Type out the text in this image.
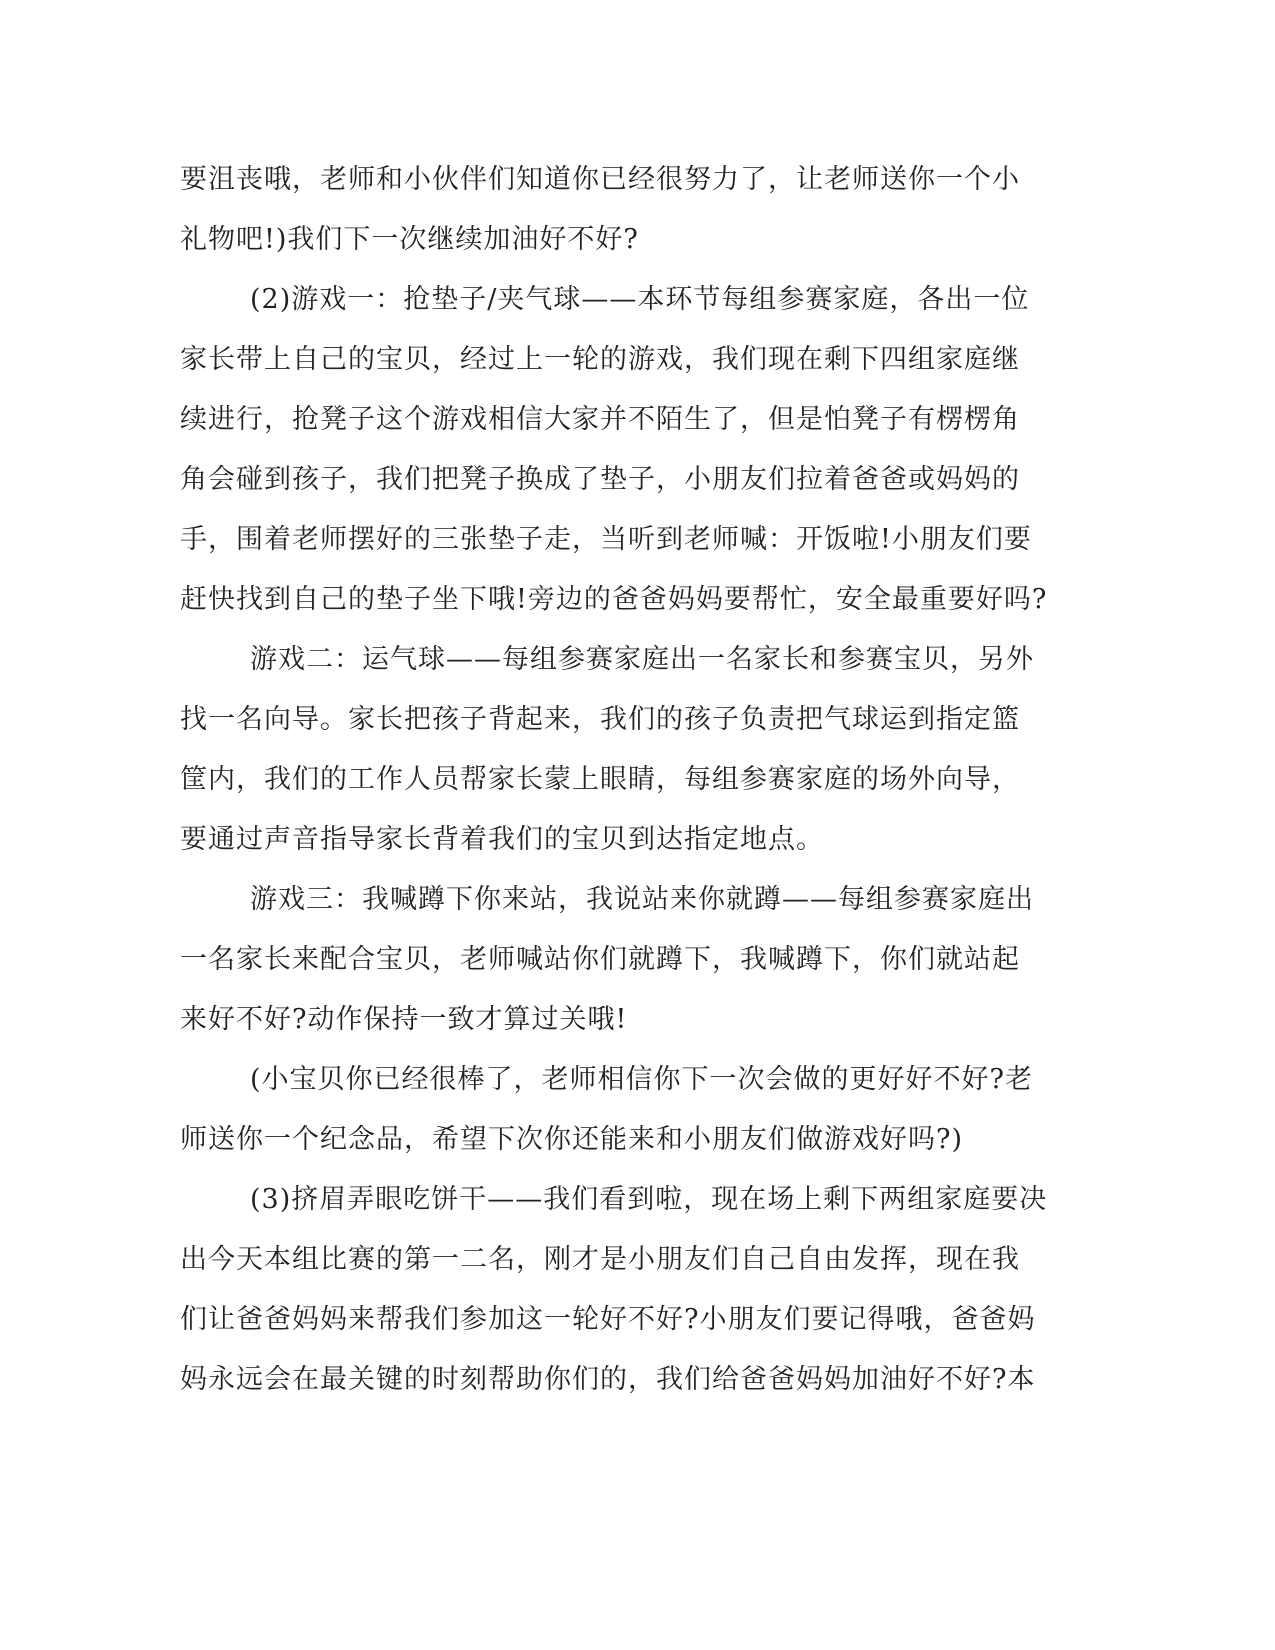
要沮丧哦，老师和小伙伴们知道你已经很努力了，让老师送你一个小
礼物吧!)我们下一次继续加油好不好?
(2)游戏一：抢垫子/夹气球——本环节每组参赛家庭，各出一位
家长带上自己的宝贝，经过上一轮的游戏，我们现在剩下四组家庭继
续进行，抢凳子这个游戏相信大家并不陌生了，但是怕凳子有楞楞角
角会碰到孩子，我们把凳子换成了垫子，小朋友们拉着爸爸或妈妈的
手，围着老师摆好的三张垫子走，当听到老师喊：开饭啦!小朋友们要
赶快找到自己的垫子坐下哦!旁边的爸爸妈妈要帮忙，安全最重要好吗?
游戏二：运气球——每组参赛家庭出一名家长和参赛宝贝，另外
找一名向导。家长把孩子背起来，我们的孩子负责把气球运到指定篮
筐内，我们的工作人员帮家长蒙上眼睛，每组参赛家庭的场外向导，
要通过声音指导家长背着我们的宝贝到达指定地点。
游戏三：我喊蹲下你来站，我说站来你就蹲——每组参赛家庭出
一名家长来配合宝贝，老师喊站你们就蹲下，我喊蹲下，你们就站起
来好不好?动作保持一致才算过关哦!
(小宝贝你已经很棒了，老师相信你下一次会做的更好好不好?老
师送你一个纪念品，希望下次你还能来和小朋友们做游戏好吗?)
(3)挤眉弄眼吃饼干——我们看到啦，现在场上剩下两组家庭要决
出今天本组比赛的第一二名，刚才是小朋友们自己自由发挥，现在我
们让爸爸妈妈来帮我们参加这一轮好不好?小朋友们要记得哦，爸爸妈
妈永远会在最关键的时刻帮助你们的，我们给爸爸妈妈加油好不好?本
